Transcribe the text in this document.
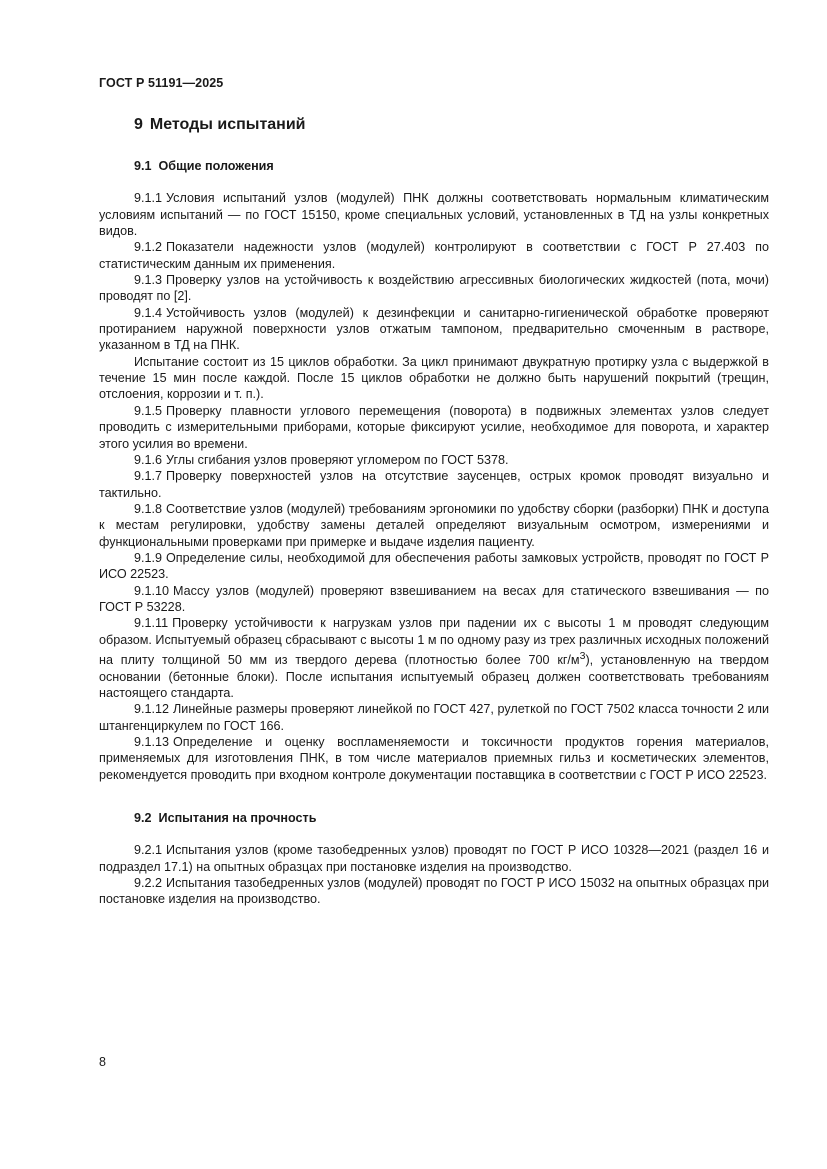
ГОСТ Р 51191—2025
9 Методы испытаний

9.1 Общие положения

9.1.1 Условия испытаний узлов (модулей) ПНК должны соответствовать нормальным климатическим условиям испытаний — по ГОСТ 15150, кроме специальных условий, установленных в ТД на узлы конкретных видов.

9.1.2 Показатели надежности узлов (модулей) контролируют в соответствии с ГОСТ Р 27.403 по статистическим данным их применения.

9.1.3 Проверку узлов на устойчивость к воздействию агрессивных биологических жидкостей (пота, мочи) проводят по [2].

9.1.4 Устойчивость узлов (модулей) к дезинфекции и санитарно-гигиенической обработке проверяют протиранием наружной поверхности узлов отжатым тампоном, предварительно смоченным в растворе, указанном в ТД на ПНК.

Испытание состоит из 15 циклов обработки. За цикл принимают двукратную протирку узла с выдержкой в течение 15 мин после каждой. После 15 циклов обработки не должно быть нарушений покрытий (трещин, отслоения, коррозии и т. п.).

9.1.5 Проверку плавности углового перемещения (поворота) в подвижных элементах узлов следует проводить с измерительными приборами, которые фиксируют усилие, необходимое для поворота, и характер этого усилия во времени.

9.1.6 Углы сгибания узлов проверяют угломером по ГОСТ 5378.

9.1.7 Проверку поверхностей узлов на отсутствие заусенцев, острых кромок проводят визуально и тактильно.

9.1.8 Соответствие узлов (модулей) требованиям эргономики по удобству сборки (разборки) ПНК и доступа к местам регулировки, удобству замены деталей определяют визуальным осмотром, измерениями и функциональными проверками при примерке и выдаче изделия пациенту.

9.1.9 Определение силы, необходимой для обеспечения работы замковых устройств, проводят по ГОСТ Р ИСО 22523.

9.1.10 Массу узлов (модулей) проверяют взвешиванием на весах для статического взвешивания — по ГОСТ Р 53228.

9.1.11 Проверку устойчивости к нагрузкам узлов при падении их с высоты 1 м проводят следующим образом. Испытуемый образец сбрасывают с высоты 1 м по одному разу из трех различных исходных положений на плиту толщиной 50 мм из твердого дерева (плотностью более 700 $кг/м^3$), установленную на твердом основании (бетонные блоки). После испытания испытуемый образец должен соответствовать требованиям настоящего стандарта.

9.1.12 Линейные размеры проверяют линейкой по ГОСТ 427, рулеткой по ГОСТ 7502 класса точности 2 или штангенциркулем по ГОСТ 166.

9.1.13 Определение и оценку воспламеняемости и токсичности продуктов горения материалов, применяемых для изготовления ПНК, в том числе материалов приемных гильз и косметических элементов, рекомендуется проводить при входном контроле документации поставщика в соответствии с ГОСТ Р ИСО 22523.

9.2 Испытания на прочность

9.2.1 Испытания узлов (кроме тазобедренных узлов) проводят по ГОСТ Р ИСО 10328—2021 (раздел 16 и подраздел 17.1) на опытных образцах при постановке изделия на производство.

9.2.2 Испытания тазобедренных узлов (модулей) проводят по ГОСТ Р ИСО 15032 на опытных образцах при постановке изделия на производство.

8
